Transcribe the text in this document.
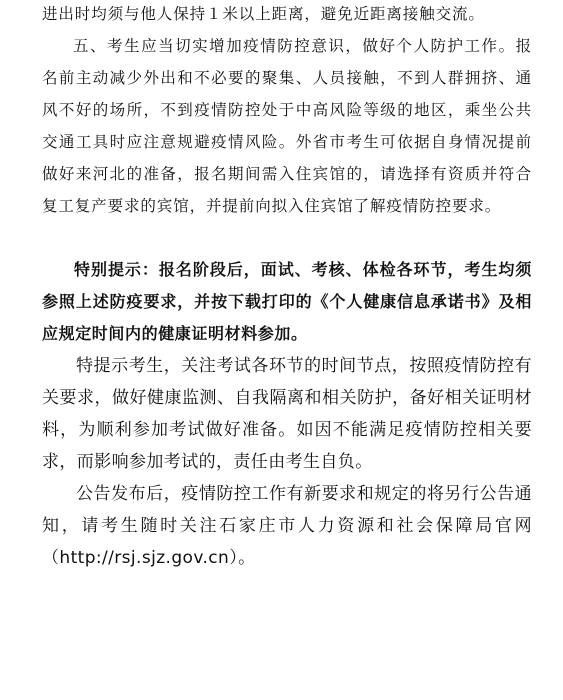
进出时均须与他人保持１米以上距离，避免近距离接触交流。

五、考生应当切实增加疫情防控意识，做好个人防护工作。报名前主动减少外出和不必要的聚集、人员接触，不到人群拥挤、通风不好的场所，不到疫情防控处于中高风险等级的地区，乘坐公共交通工具时应注意规避疫情风险。外省市考生可依据自身情况提前做好来河北的准备，报名期间需入住宾馆的，请选择有资质并符合复工复产要求的宾馆，并提前向拟入住宾馆了解疫情防控要求。

特别提示：报名阶段后，面试、考核、体检各环节，考生均须参照上述防疫要求，并按下载打印的《个人健康信息承诺书》及相应规定时间内的健康证明材料参加。

特提示考生，关注考试各环节的时间节点，按照疫情防控有关要求，做好健康监测、自我隔离和相关防护，备好相关证明材料，为顺利参加考试做好准备。如因不能满足疫情防控相关要求，而影响参加考试的，责任由考生自负。

公告发布后，疫情防控工作有新要求和规定的将另行公告通知，请考生随时关注石家庄市人力资源和社会保障局官网（http://rsj.sjz.gov.cn）。
